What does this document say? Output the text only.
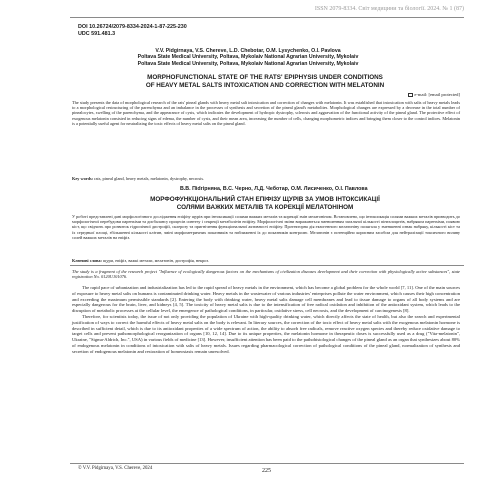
ISSN 2079-8334. Світ медицини та біології. 2024. № 1 (87)
DOI 10.26724/2079-8334-2024-1-87-225-230
UDC 591.481.3
V.V. Pidgirnaya, V.S. Chereve, L.D. Chebotar, O.M. Lysychenko, O.I. Pavlova
Poltava State Medical University, Poltava, Mykolaiv National Agrarian University, Mykolaiv
Poltava State Medical University, Poltava, Mykolaiv National Agrarian University, Mykolaiv
MORPHOFUNCTIONAL STATE OF THE RATS' EPIPHYSIS UNDER CONDITIONS
OF HEAVY METAL SALTS INTOXICATION AND CORRECTION WITH MELATONIN
e-mail: [email protected]
The study presents the data of morphological research of the rats' pineal glands with heavy metal salt intoxication and correction of changes with melatonin. It was established that intoxication with salts of heavy metals leads to a morphological restructuring of the parenchyma and an imbalance in the processes of synthesis and secretion of the pineal gland's metabolites. Morphological changes are expressed by a decrease in the total number of pinealocytes, swelling of the parenchyma, and the appearance of cysts, which indicates the development of hydropic dystrophy, sclerosis and aggravation of the functional activity of the pineal gland. The protective effect of exogenous melatonin consisted in reducing signs of edema, the number of cysts, and their mean area, increasing the number of cells, changing morphometric indices and bringing them closer to the control indices. Melatonin is a potentially useful agent for neutralizing the toxic effects of heavy metal salts on the pineal gland.
Key words: rats, pineal gland, heavy metals, melatonin, dystrophy, necrosis.
В.В. Пidгірняна, В.С. Черно, Л.Д. Чеботар, О.М. Лисиченко, О.І. Павлова
МОРФОФУНКЦІОНАЛЬНИЙ СТАН ЕПІФІЗУ ЩУРІВ ЗА УМОВ ІНТОКСИКАЦІЇ
СОЛЯМИ ВАЖКИХ МЕТАЛІВ ТА КОРЕКЦІЇ МЕЛАТОНІНОМ
У роботі представлені дані морфологічного дослідження епіфізу щурів при інтоксикації солями важких металів та корекції змін мелатоніном. Встановлено, що інтоксикація солями важких металів призводить до морфологічної перебудови паренхіми та дисбалансу процесів синтезу і секреції метаболітів епіфізу. Морфологічні зміни виражаються зменшенням загальної кількості пінеалоцитів, набряком паренхіми, появою кіст, що свідчить про розвиток гідропічної дистрофії, склерозу та пригнічення функціональної активності епіфізу. Протекторна дія екзогенного мелатоніну полягала у зменшенні ознак набряку, кількості кіст та їх середньої площі, збільшенні кількості клітин, зміні морфометричних показників та наближенні їх до показників контролю. Мелатонін є потенційно корисним засобом для нейтралізації токсичного впливу солей важких металів на епіфіз.
Ключові слова: щури, епіфіз, важкі метали, мелатонін, дистрофія, некроз.
The study is a fragment of the research project "Influence of ecologically dangerous factors on the mechanisms of civilization diseases development and their correction with physiologically active substances", state registration No. 0120U101076.

The rapid pace of urbanization and industrialization has led to the rapid spread of heavy metals in the environment, which has become a global problem for the whole world [7, 11]. One of the main sources of exposure to heavy metal salts on humans is contaminated drinking water. Heavy metals in the wastewater of various industries' enterprises pollute the water environment, which causes their high concentration and exceeding the maximum permissible standards [2]. Entering the body with drinking water, heavy metal salts damage cell membranes and lead to tissue damage to organs of all body systems and are especially dangerous for the brain, liver, and kidneys [4, 5]. The toxicity of heavy metal salts is due to the intensification of free radical oxidation and inhibition of the antioxidant system, which leads to the disruption of metabolic processes at the cellular level, the emergence of pathological conditions, in particular, oxidative stress, cell necrosis, and the development of carcinogenesis [8].

Therefore, for scientists today, the issue of not only providing the population of Ukraine with high-quality drinking water, which directly affects the state of health, but also the search and experimental justification of ways to correct the harmful effects of heavy metal salts on the body is relevant. In literary sources, the correction of the toxic effect of heavy metal salts with the exogenous melatonin hormone is described in sufficient detail, which is due to its antioxidant properties of a wide spectrum of action, the ability to absorb free radicals, remove reactive oxygen species and thereby reduce oxidative damage to target cells and prevent pathomorphological reorganization of organs [10, 12, 14]. Due to its unique properties, the melatonin hormone in therapeutic doses is successfully used as a drug ("Vita-melatonin", Ukraine, "Sigma-Aldrich, Inc.", USA) in various fields of medicine [13]. However, insufficient attention has been paid to the pathohistological changes of the pineal gland as an organ that synthesizes about 80% of endogenous melatonin in conditions of intoxication with salts of heavy metals. Issues regarding pharmacological correction of pathological conditions of the pineal gland, normalization of synthesis and secretion of endogenous melatonin and restoration of homeostasis remain unresolved.

© V.V. Pidgirnaya, V.S. Chereve, 2024	225
